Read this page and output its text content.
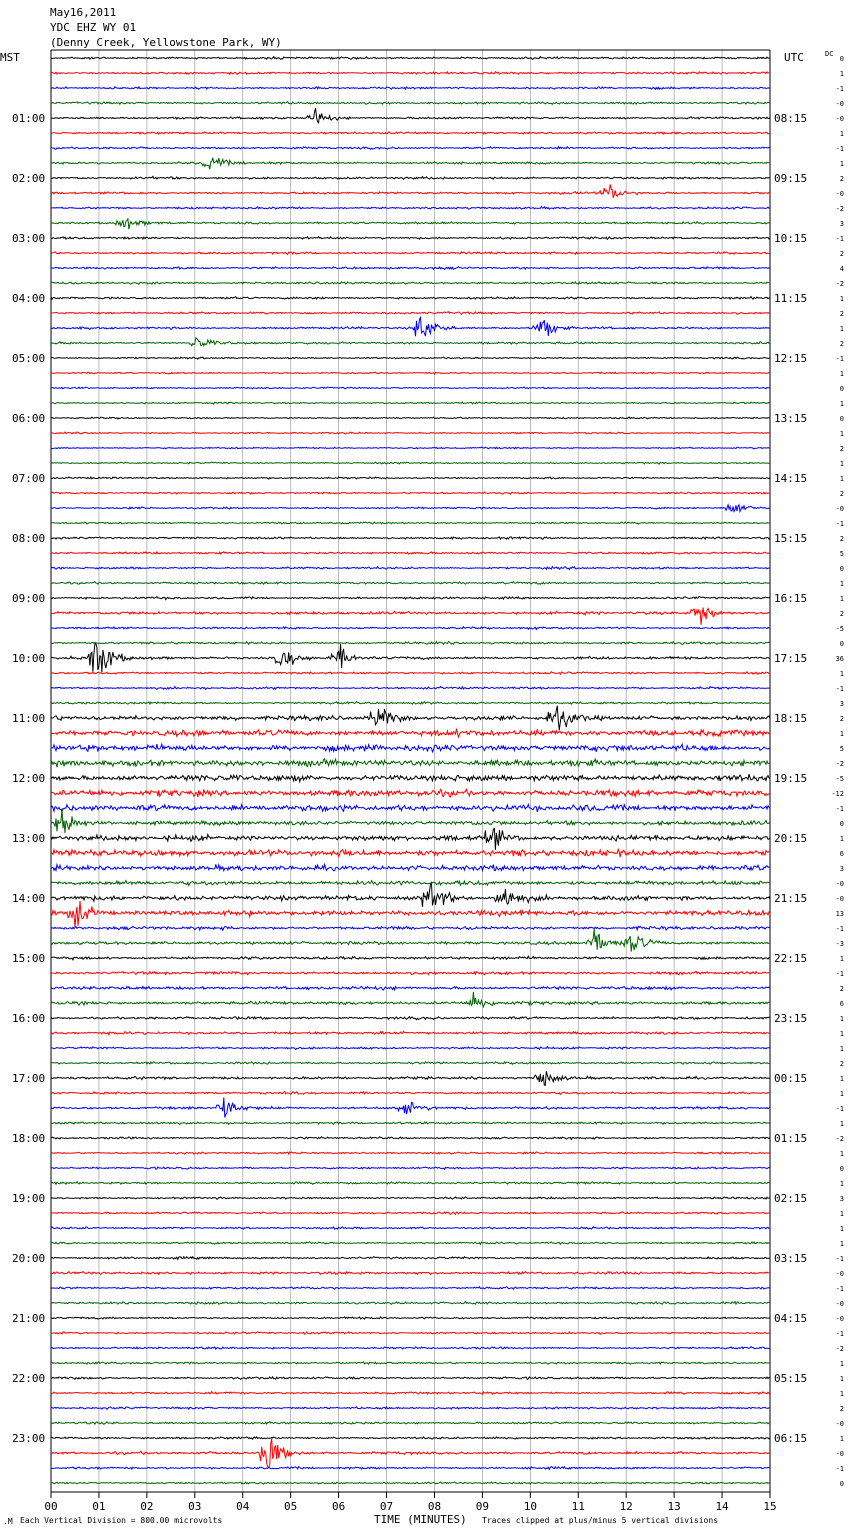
May16,2011
YDC EHZ WY 01
(Denny Creek, Yellowstone Park, WY)
MST	UTC	DC
01:00	08:15
02:00	09:15
03:00	10:15
04:00	11:15
05:00	12:15
06:00	13:15
07:00	14:15
08:00	15:15
09:00	16:15
10:00	17:15
11:00	18:15
12:00	19:15
13:00	20:15
14:00	21:15
15:00	22:15
16:00	23:15
17:00	00:15
18:00	01:15
19:00	02:15
20:00	03:15
21:00	04:15
22:00	05:15
23:00	06:15
0
1
-1
-0
-0
1
-1
1
2
-0
-2
3
-1
2
4
-2
1
2
1
2
-1
1
0
1
0
1
2
1
1
2
-0
-1
2
5
0
1
1
2
-5
0
36
1
-1
3
2
1
5
-2
-5
-12
-1
0
1
6
3
-0
-0
13
-1
-3
1
-1
2
6
1
1
1
2
1
1
-1
1
-2
1
0
1
3
1
1
1
-1
-0
-1
-0
-0
-1
-2
1
1
1
2
-0
1
-0
-1
0
00	01	02	03	04	05	06	07	08	09	10	11	12	13	14	15
.M Each Vertical Division = 800.00 microvolts	TIME (MINUTES) Traces clipped at plus/minus 5 vertical divisions
